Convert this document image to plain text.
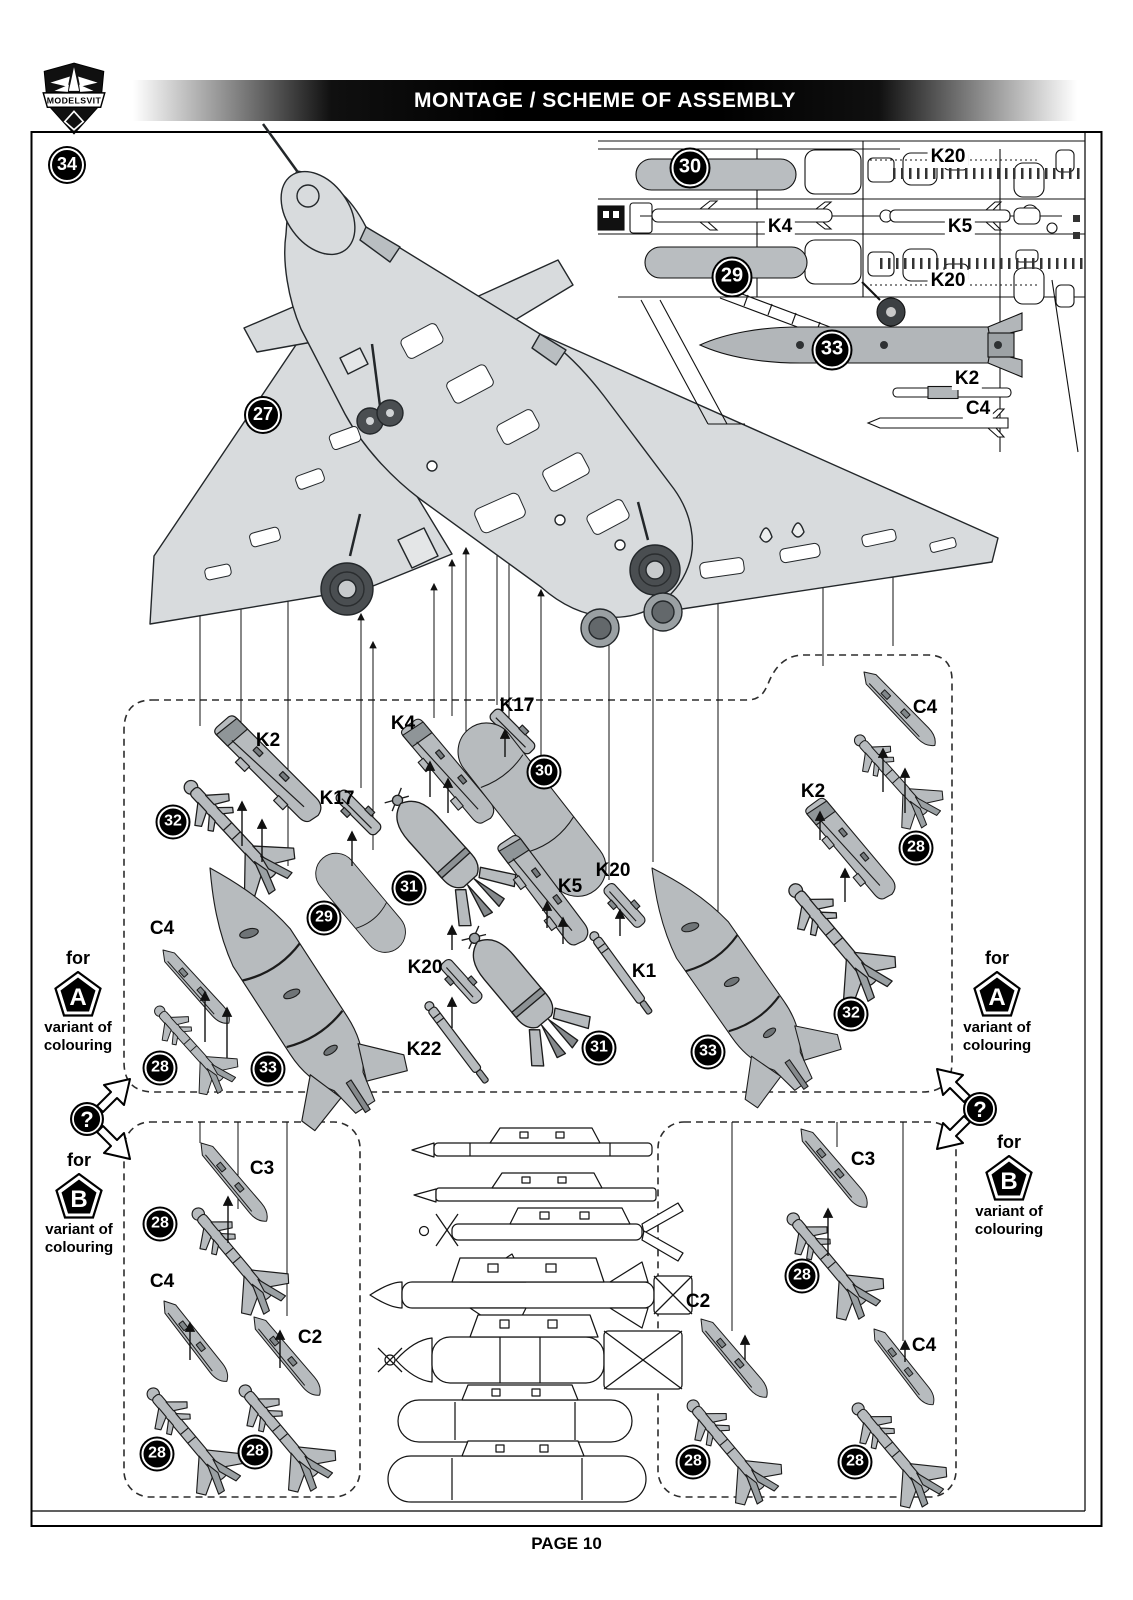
MODELSVIT	MONTAGE / SCHEME OF ASSEMBLY
34
27
30
29
33
32
29
31
30
28	33
31	33
28
32
28
28	28
28
28	28
K20
K4	K5
K20
K2
C4
K2
K17
K4
K17
C4
K20
K22
K5
K20
K1
C4
K2
C3
C4
C2
C3
C2
C4
for
A
variant of colouring
for
A
variant of colouring
for
B
variant of colouring
for
B
variant of colouring
?	?
PAGE 10
